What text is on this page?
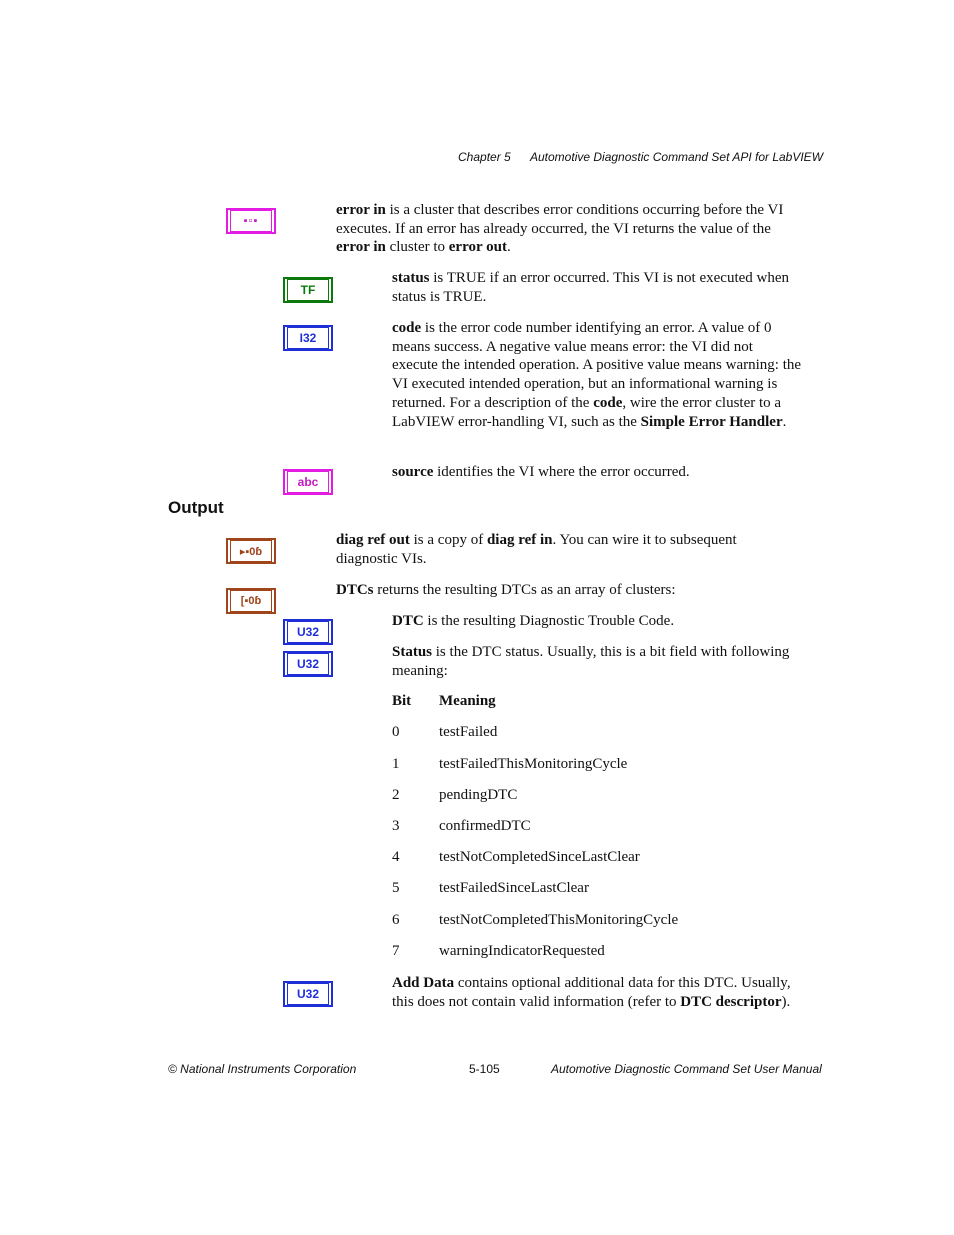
Chapter 5 Automotive Diagnostic Command Set API for LabVIEW
▪▫▪
error in is a cluster that describes error conditions occurring before the VI executes. If an error has already occurred, the VI returns the value of the error in cluster to error out.
TF
status is TRUE if an error occurred. This VI is not executed when status is TRUE.
I32
code is the error code number identifying an error. A value of 0 means success. A negative value means error: the VI did not execute the intended operation. A positive value means warning: the VI executed intended operation, but an informational warning is returned. For a description of the code, wire the error cluster to a LabVIEW error-handling VI, such as the Simple Error Handler.
abc
source identifies the VI where the error occurred.
Output
▸▪0ɓ
diag ref out is a copy of diag ref in. You can wire it to subsequent diagnostic VIs.
[▪0ɓ
DTCs returns the resulting DTCs as an array of clusters:
U32
DTC is the resulting Diagnostic Trouble Code.
U32
Status is the DTC status. Usually, this is a bit field with following meaning:
Bit Meaning
0	testFailed
1	testFailedThisMonitoringCycle
2	pendingDTC
3	confirmedDTC
4	testNotCompletedSinceLastClear
5	testFailedSinceLastClear
6	testNotCompletedThisMonitoringCycle
7	warningIndicatorRequested
U32
Add Data contains optional additional data for this DTC. Usually, this does not contain valid information (refer to DTC descriptor).
© National Instruments Corporation	5-105	Automotive Diagnostic Command Set User Manual
